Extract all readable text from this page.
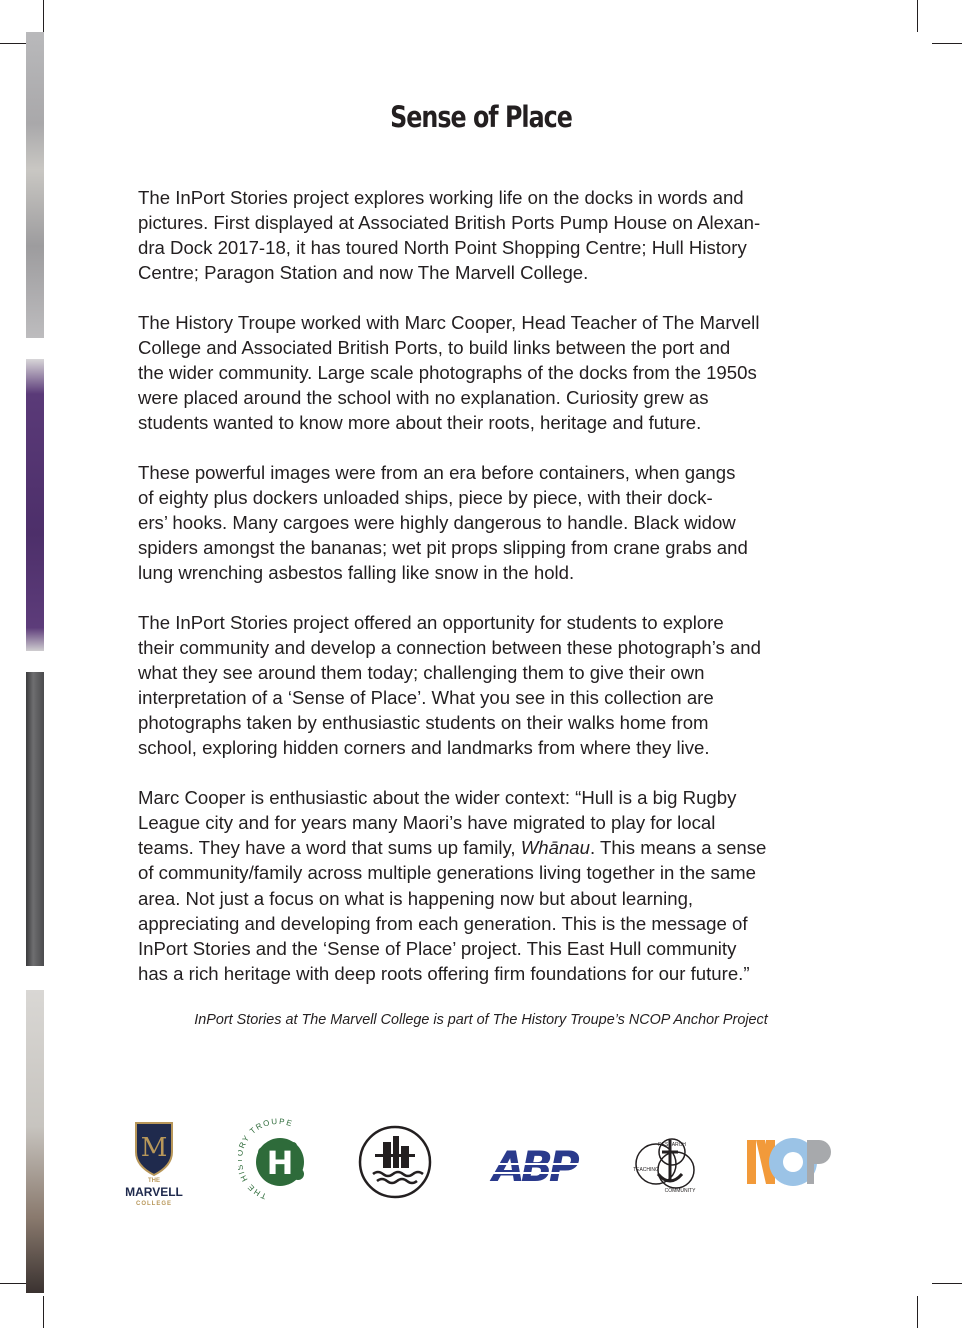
Sense of Place

The InPort Stories project explores working life on the docks in words and
pictures. First displayed at Associated British Ports Pump House on Alexan-
dra Dock 2017-18, it has toured North Point Shopping Centre; Hull History
Centre; Paragon Station and now The Marvell College.

The History Troupe worked with Marc Cooper, Head Teacher of The Marvell
College and Associated British Ports, to build links between the port and
the wider community. Large scale photographs of the docks from the 1950s
were placed around the school with no explanation. Curiosity grew as
students wanted to know more about their roots, heritage and future.

These powerful images were from an era before containers, when gangs
of eighty plus dockers unloaded ships, piece by piece, with their dock-
ers’ hooks. Many cargoes were highly dangerous to handle. Black widow
spiders amongst the bananas; wet pit props slipping from crane grabs and
lung wrenching asbestos falling like snow in the hold.

The InPort Stories project offered an opportunity for students to explore
their community and develop a connection between these photograph’s and
what they see around them today; challenging them to give their own
interpretation of a ‘Sense of Place’. What you see in this collection are
photographs taken by enthusiastic students on their walks home from
school, exploring hidden corners and landmarks from where they live.

Marc Cooper is enthusiastic about the wider context: “Hull is a big Rugby
League city and for years many Maori’s have migrated to play for local
teams. They have a word that sums up family, Whānau. This means a sense
of community/family across multiple generations living together in the same
area. Not just a focus on what is happening now but about learning,
appreciating and developing from each generation. This is the message of
InPort Stories and the ‘Sense of Place’ project. This East Hull community
has a rich heritage with deep roots offering firm foundations for our future.”

InPort Stories at The Marvell College is part of The History Troupe’s NCOP Anchor Project
M
THE
MARVELL
COLLEGE
THE H RY TROUPE
H	ABP	RESEARCH
TEACHING
COMMUNITY
